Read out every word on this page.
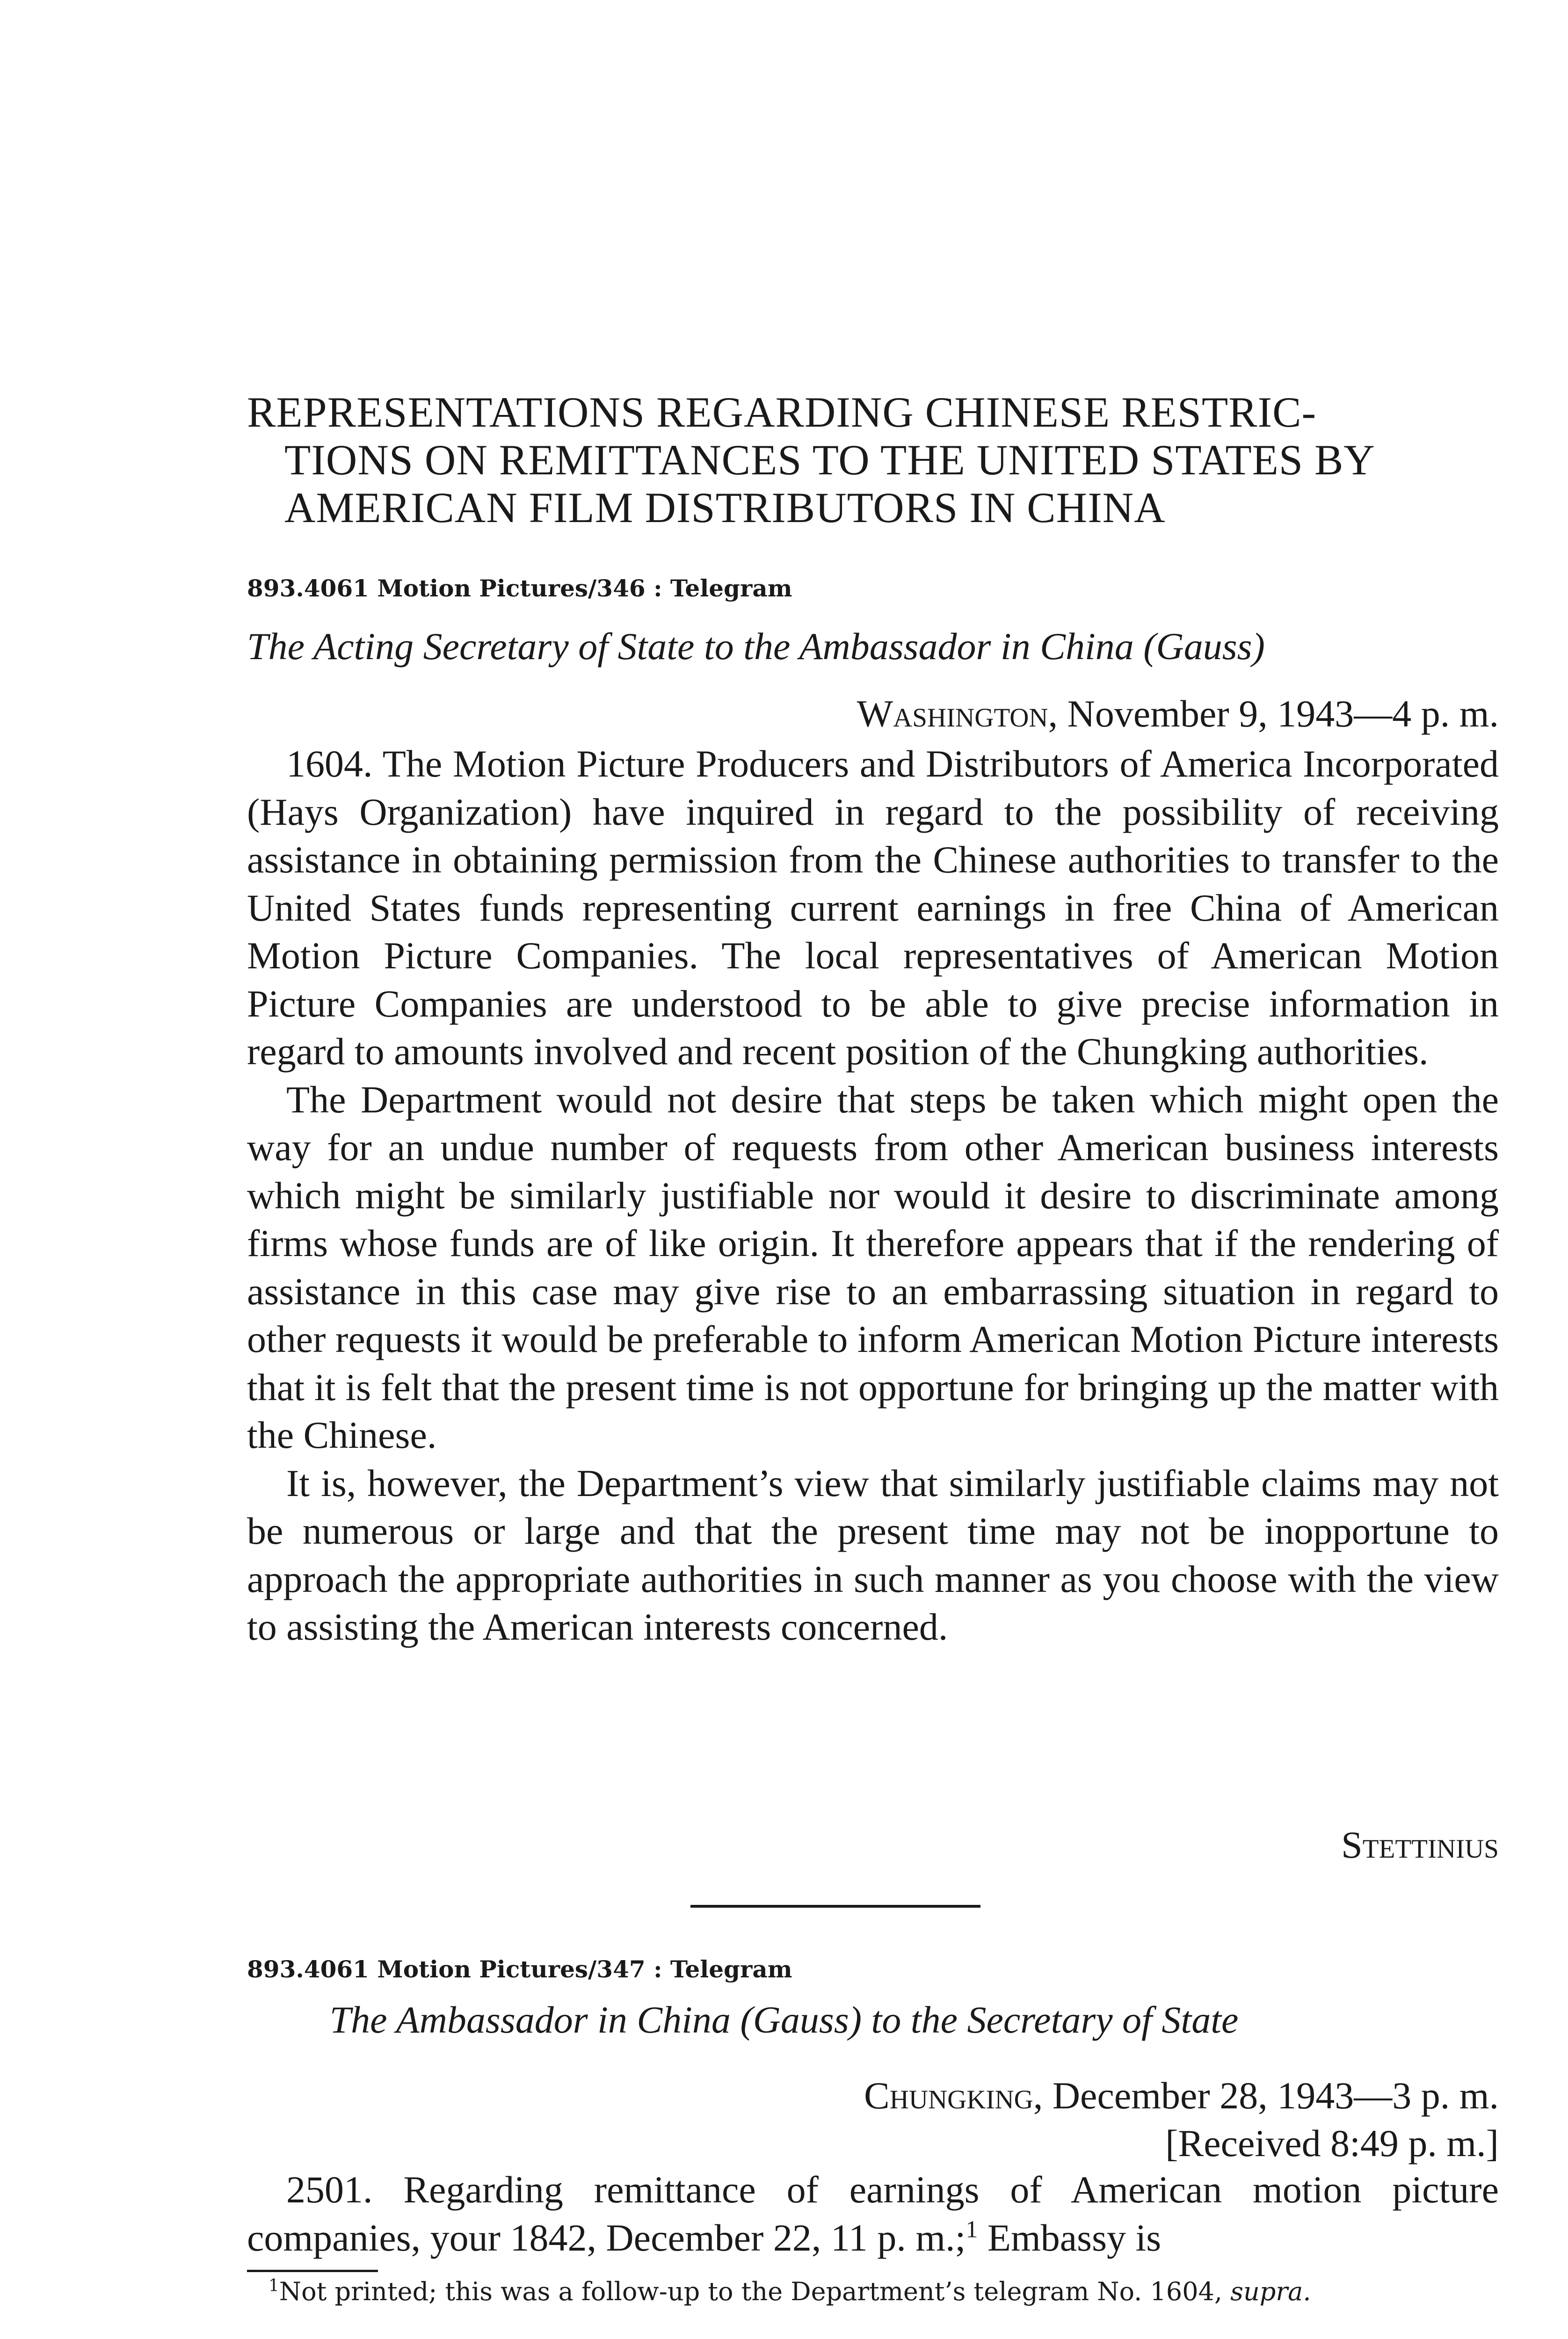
REPRESENTATIONS REGARDING CHINESE RESTRIC-
TIONS ON REMITTANCES TO THE UNITED STATES BY
AMERICAN FILM DISTRIBUTORS IN CHINA
893.4061 Motion Pictures/346 : Telegram
The Acting Secretary of State to the Ambassador in China (Gauss)
Washington, November 9, 1943—4 p. m.

1604. The Motion Picture Producers and Distributors of America Incorporated (Hays Organization) have inquired in regard to the possibility of receiving assistance in obtaining permission from the Chinese authorities to transfer to the United States funds representing current earnings in free China of American Motion Picture Companies. The local representatives of American Motion Picture Companies are understood to be able to give precise information in regard to amounts involved and recent position of the Chungking authorities.

The Department would not desire that steps be taken which might open the way for an undue number of requests from other American business interests which might be similarly justifiable nor would it desire to discriminate among firms whose funds are of like origin. It therefore appears that if the rendering of assistance in this case may give rise to an embarrassing situation in regard to other requests it would be preferable to inform American Motion Picture interests that it is felt that the present time is not opportune for bringing up the matter with the Chinese.

It is, however, the Department’s view that similarly justifiable claims may not be numerous or large and that the present time may not be inopportune to approach the appropriate authorities in such manner as you choose with the view to assisting the American interests concerned.

Stettinius
893.4061 Motion Pictures/347 : Telegram
The Ambassador in China (Gauss) to the Secretary of State
Chungking, December 28, 1943—3 p. m.
[Received 8:49 p. m.]

2501. Regarding remittance of earnings of American motion picture companies, your 1842, December 22, 11 p. m.;$^1$ Embassy is

$^1$Not printed; this was a follow-up to the Department’s telegram No. 1604, supra.
